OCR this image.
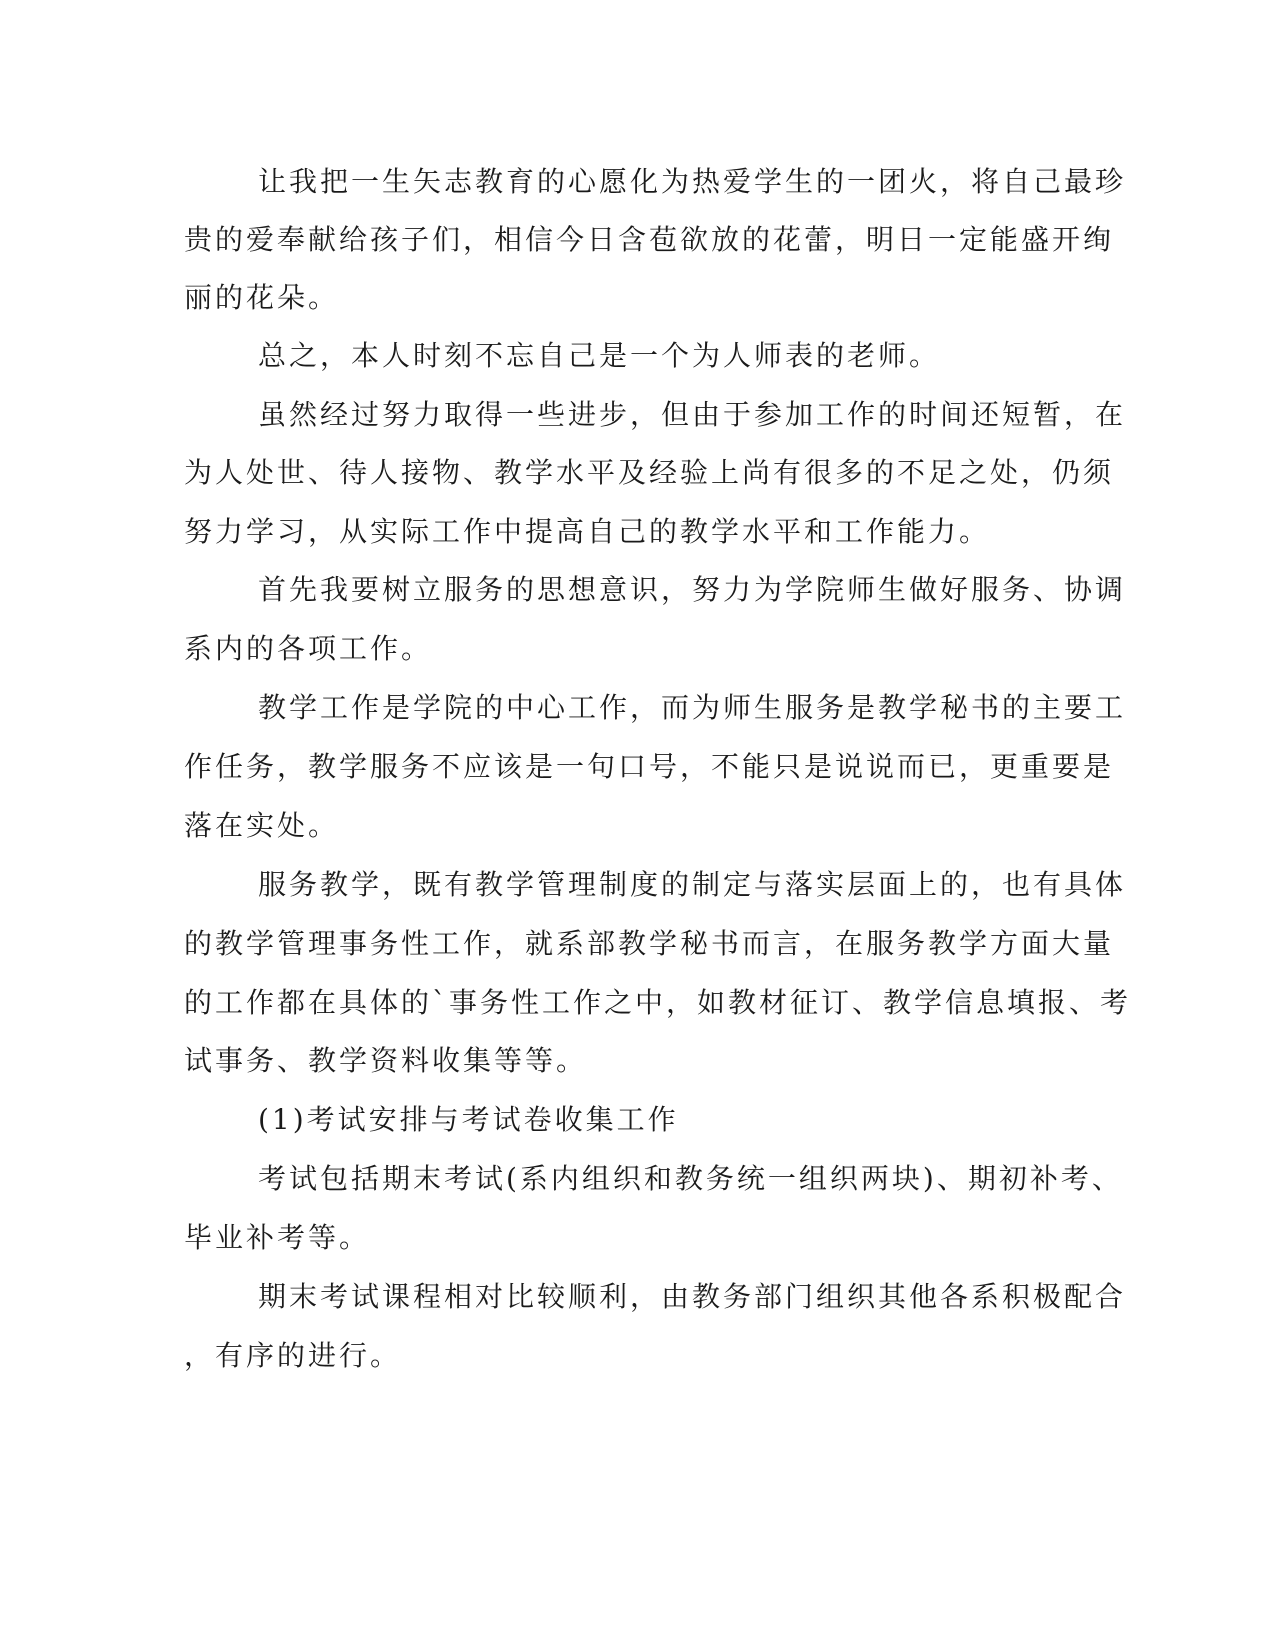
让我把一生矢志教育的心愿化为热爱学生的一团火，将自己最珍

贵的爱奉献给孩子们，相信今日含苞欲放的花蕾，明日一定能盛开绚

丽的花朵。

总之，本人时刻不忘自己是一个为人师表的老师。

虽然经过努力取得一些进步，但由于参加工作的时间还短暂，在

为人处世、待人接物、教学水平及经验上尚有很多的不足之处，仍须

努力学习，从实际工作中提高自己的教学水平和工作能力。

首先我要树立服务的思想意识，努力为学院师生做好服务、协调

系内的各项工作。

教学工作是学院的中心工作，而为师生服务是教学秘书的主要工

作任务，教学服务不应该是一句口号，不能只是说说而已，更重要是

落在实处。

服务教学，既有教学管理制度的制定与落实层面上的，也有具体

的教学管理事务性工作，就系部教学秘书而言，在服务教学方面大量

的工作都在具体的`事务性工作之中，如教材征订、教学信息填报、考

试事务、教学资料收集等等。

(1)考试安排与考试卷收集工作

考试包括期末考试(系内组织和教务统一组织两块)、期初补考、

毕业补考等。

期末考试课程相对比较顺利，由教务部门组织其他各系积极配合

，有序的进行。
